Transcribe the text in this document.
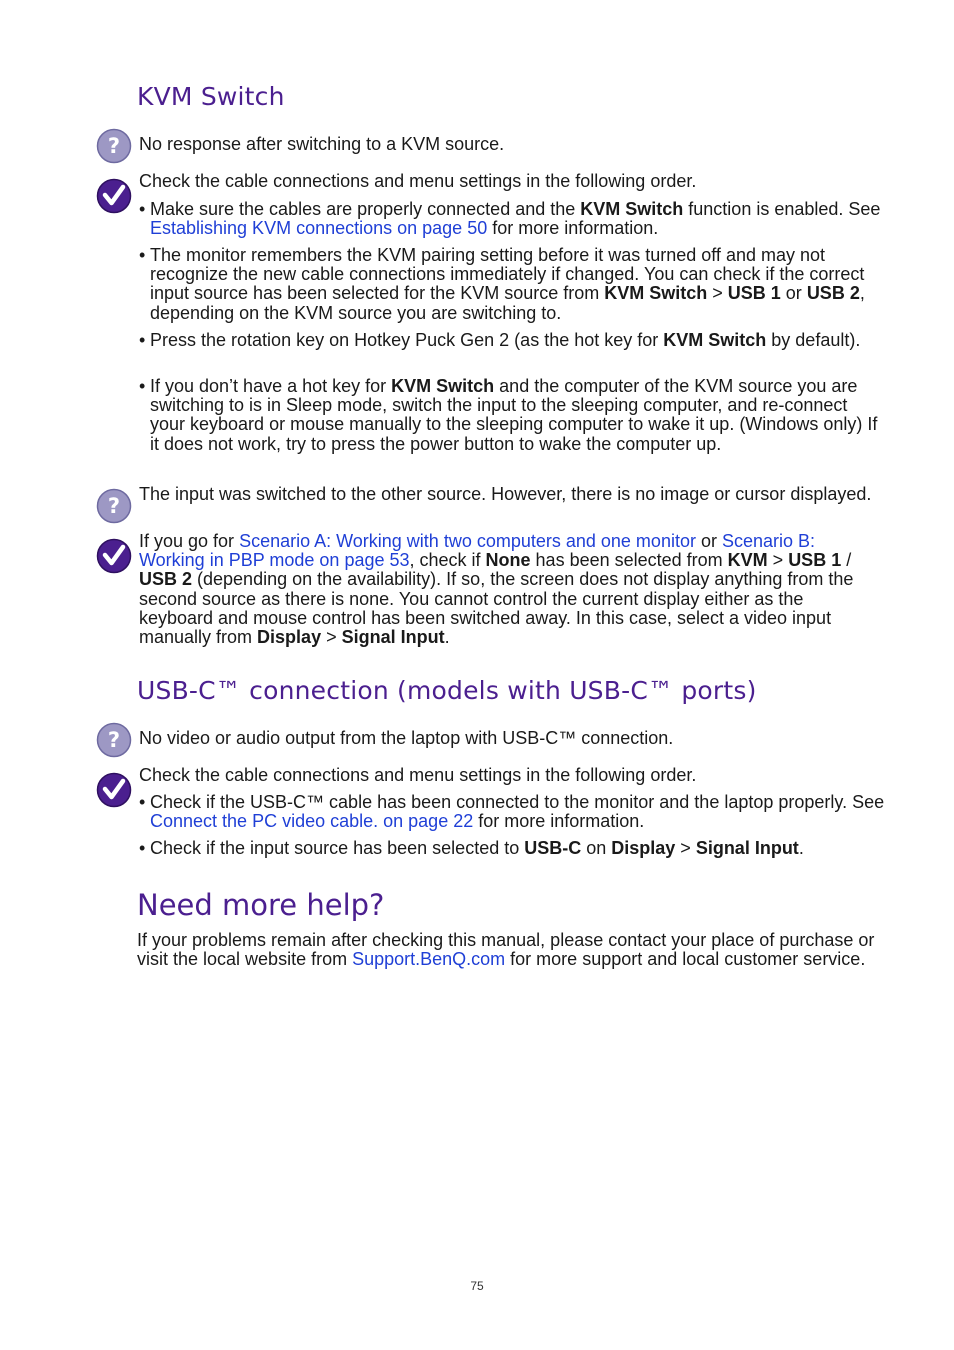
KVM Switch
? No response after switching to a KVM source.

Check the cable connections and menu settings in the following order.

• Make sure the cables are properly connected and the KVM Switch function is enabled. See Establishing KVM connections on page 50 for more information.

• The monitor remembers the KVM pairing setting before it was turned off and may not recognize the new cable connections immediately if changed. You can check if the correct input source has been selected for the KVM source from KVM Switch > USB 1 or USB 2, depending on the KVM source you are switching to.

• Press the rotation key on Hotkey Puck Gen 2 (as the hot key for KVM Switch by default).

• If you don’t have a hot key for KVM Switch and the computer of the KVM source you are switching to is in Sleep mode, switch the input to the sleeping computer, and re-connect your keyboard or mouse manually to the sleeping computer to wake it up. (Windows only) If it does not work, try to press the power button to wake the computer up.

? The input was switched to the other source. However, there is no image or cursor displayed.

If you go for Scenario A: Working with two computers and one monitor or Scenario B: Working in PBP mode on page 53, check if None has been selected from KVM > USB 1 / USB 2 (depending on the availability). If so, the screen does not display anything from the second source as there is none. You cannot control the current display either as the keyboard and mouse control has been switched away. In this case, select a video input manually from Display > Signal Input.

USB-C™ connection (models with USB-C™ ports)
? No video or audio output from the laptop with USB-C™ connection.

Check the cable connections and menu settings in the following order.

• Check if the USB-C™ cable has been connected to the monitor and the laptop properly. See Connect the PC video cable. on page 22 for more information.

• Check if the input source has been selected to USB-C on Display > Signal Input.

Need more help?

If your problems remain after checking this manual, please contact your place of purchase or visit the local website from Support.BenQ.com for more support and local customer service.

75
